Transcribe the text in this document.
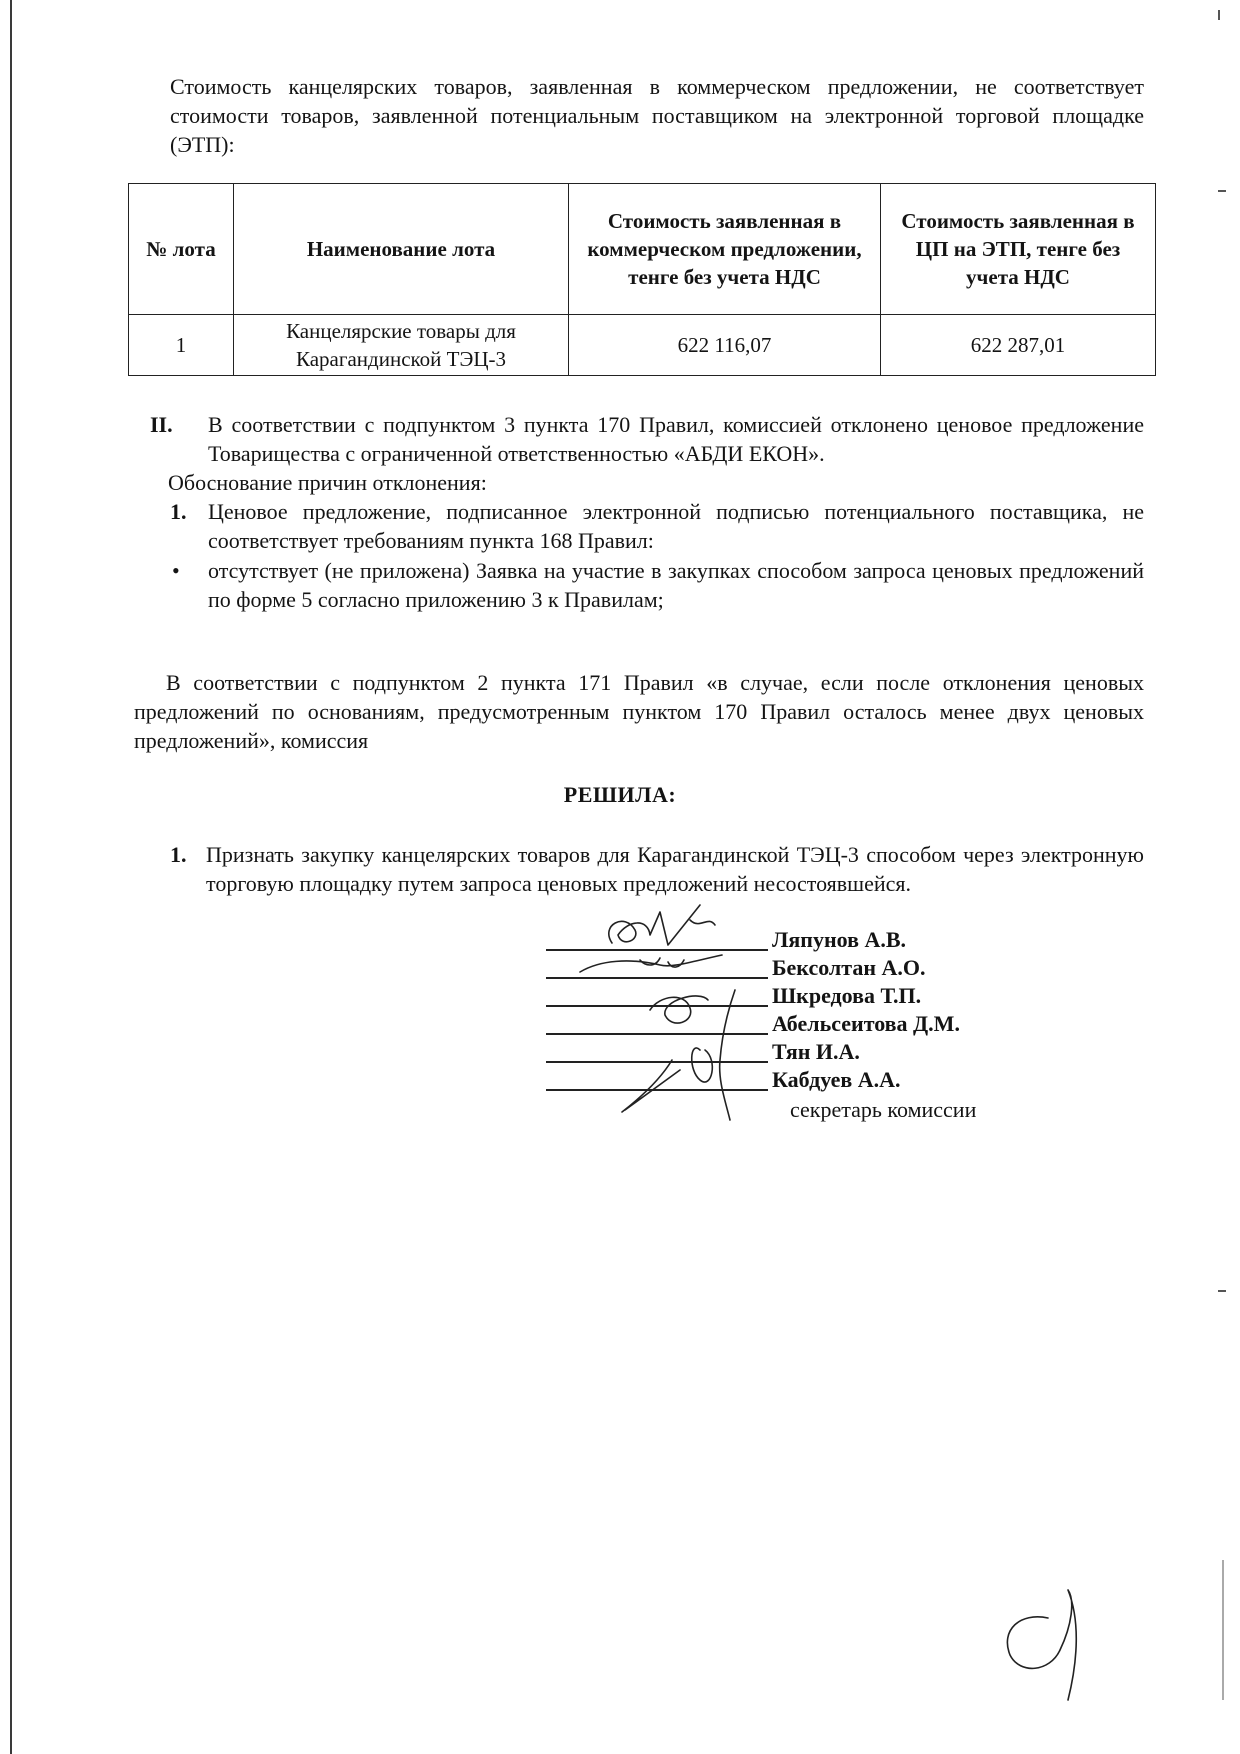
Стоимость канцелярских товаров, заявленная в коммерческом предложении, не соответствует стоимости товаров, заявленной потенциальным поставщиком на электронной торговой площадке (ЭТП):
№ лота	Наименование лота	Стоимость заявленная в коммерческом предложении, тенге без учета НДС	Стоимость заявленная в ЦП на ЭТП, тенге без учета НДС
1	Канцелярские товары для Карагандинской ТЭЦ-3	622 116,07	622 287,01
II. В соответствии с подпунктом 3 пункта 170 Правил, комиссией отклонено ценовое предложение Товарищества с ограниченной ответственностью «АБДИ ЕКОН».
Обоснование причин отклонения:
1. Ценовое предложение, подписанное электронной подписью потенциального поставщика, не соответствует требованиям пункта 168 Правил:
• отсутствует (не приложена) Заявка на участие в закупках способом запроса ценовых предложений по форме 5 согласно приложению 3 к Правилам;
В соответствии с подпунктом 2 пункта 171 Правил «в случае, если после отклонения ценовых предложений по основаниям, предусмотренным пунктом 170 Правил осталось менее двух ценовых предложений», комиссия
РЕШИЛА:
1. Признать закупку канцелярских товаров для Карагандинской ТЭЦ-3 способом через электронную торговую площадку путем запроса ценовых предложений несостоявшейся.
Ляпунов А.В.
Бексолтан А.О.
Шкредова Т.П.
Абельсеитова Д.М.
Тян И.А.
Кабдуев А.А.
секретарь комиссии
